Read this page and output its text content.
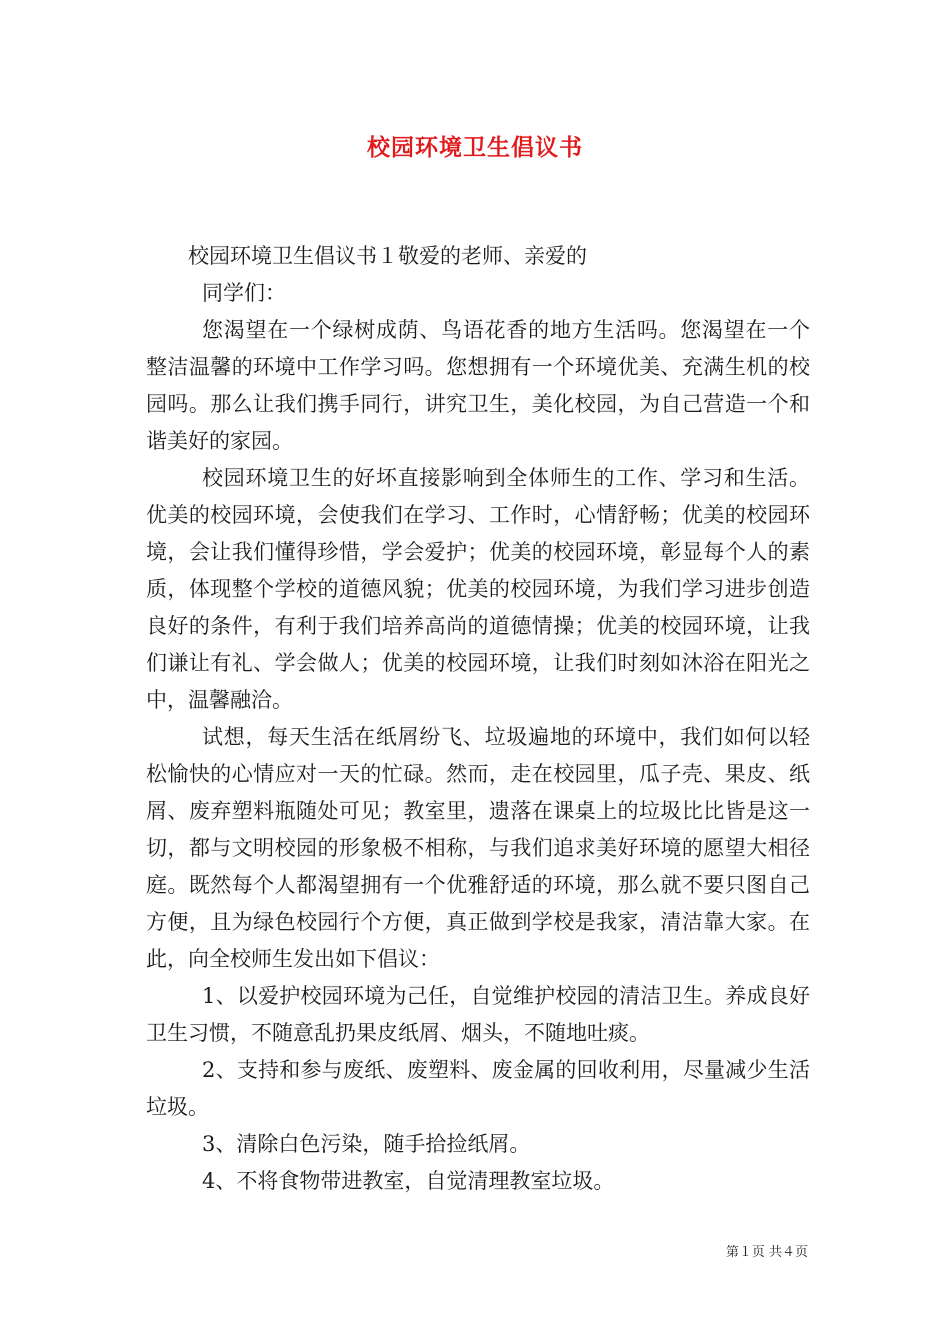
校园环境卫生倡议书

校园环境卫生倡议书１敬爱的老师、亲爱的

同学们：

您渴望在一个绿树成荫、鸟语花香的地方生活吗。您渴望在一个整洁温馨的环境中工作学习吗。您想拥有一个环境优美、充满生机的校园吗。那么让我们携手同行，讲究卫生，美化校园，为自己营造一个和谐美好的家园。

校园环境卫生的好坏直接影响到全体师生的工作、学习和生活。优美的校园环境，会使我们在学习、工作时，心情舒畅；优美的校园环境，会让我们懂得珍惜，学会爱护；优美的校园环境，彰显每个人的素质，体现整个学校的道德风貌；优美的校园环境，为我们学习进步创造良好的条件，有利于我们培养高尚的道德情操；优美的校园环境，让我们谦让有礼、学会做人；优美的校园环境，让我们时刻如沐浴在阳光之中，温馨融洽。

试想，每天生活在纸屑纷飞、垃圾遍地的环境中，我们如何以轻松愉快的心情应对一天的忙碌。然而，走在校园里，瓜子壳、果皮、纸屑、废弃塑料瓶随处可见；教室里，遗落在课桌上的垃圾比比皆是这一切，都与文明校园的形象极不相称，与我们追求美好环境的愿望大相径庭。既然每个人都渴望拥有一个优雅舒适的环境，那么就不要只图自己方便，且为绿色校园行个方便，真正做到学校是我家，清洁靠大家。在此，向全校师生发出如下倡议：

1、以爱护校园环境为己任，自觉维护校园的清洁卫生。养成良好卫生习惯，不随意乱扔果皮纸屑、烟头，不随地吐痰。

2、支持和参与废纸、废塑料、废金属的回收利用，尽量减少生活垃圾。

3、清除白色污染，随手拾捡纸屑。

4、不将食物带进教室，自觉清理教室垃圾。

第１页 共４页
